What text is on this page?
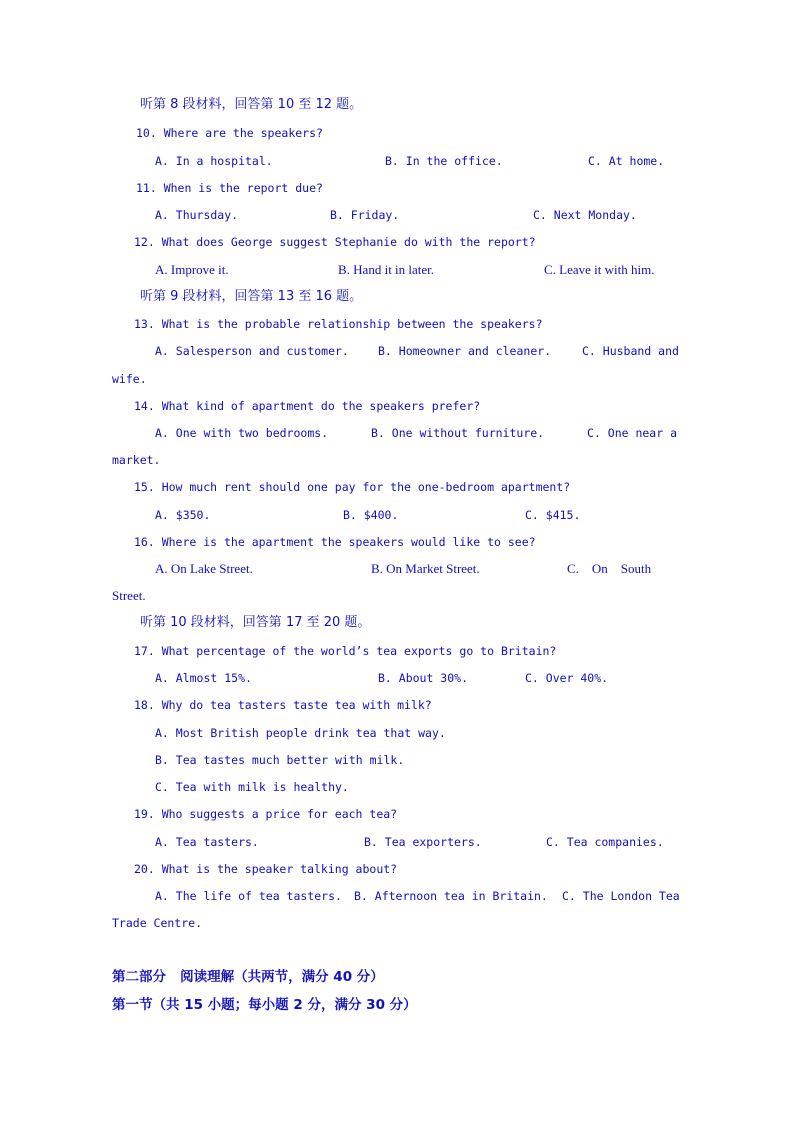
听第 8 段材料，回答第 10 至 12 题。
10. Where are the speakers?
A. In a hospital.	B. In the office.	C. At home.
11. When is the report due?
A. Thursday.	B. Friday.	C. Next Monday.
12. What does George suggest Stephanie do with the report?
A. Improve it.	B. Hand it in later.	C. Leave it with him.
听第 9 段材料，回答第 13 至 16 题。
13. What is the probable relationship between the speakers?
A. Salesperson and customer.	B. Homeowner and cleaner.	C. Husband and
wife.
14. What kind of apartment do the speakers prefer?
A. One with two bedrooms.	B. One without furniture.	C. One near a
market.
15. How much rent should one pay for the one-bedroom apartment?
A. $350.	B. $400.	C. $415.
16. Where is the apartment the speakers would like to see?
A. On Lake Street.	B. On Market Street.	C.    On    South
Street.
听第 10 段材料，回答第 17 至 20 题。
17. What percentage of the world’s tea exports go to Britain?
A. Almost 15%.	B. About 30%.	C. Over 40%.
18. Why do tea tasters taste tea with milk?
A. Most British people drink tea that way.
B. Tea tastes much better with milk.
C. Tea with milk is healthy.
19. Who suggests a price for each tea?
A. Tea tasters.	B. Tea exporters.	C. Tea companies.
20. What is the speaker talking about?
A. The life of tea tasters. B. Afternoon tea in Britain. C. The London Tea
Trade Centre.
第二部分   阅读理解（共两节，满分 40 分）
第一节（共 15 小题；每小题 2 分，满分 30 分）
